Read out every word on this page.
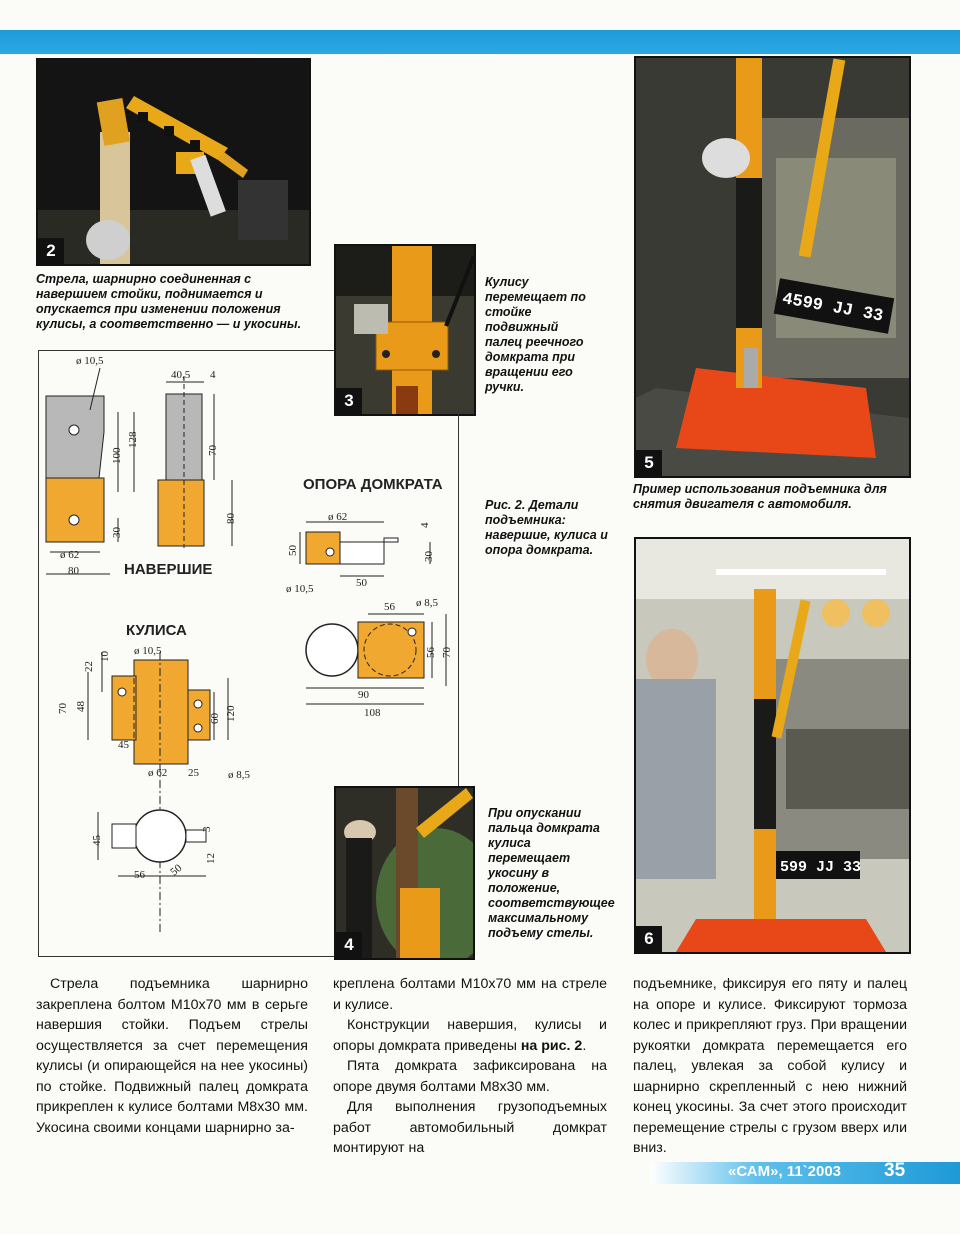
2
Стрела, шарнирно соединенная с навершием стойки, поднимается и опускается при изменении положения кулисы, а соответственно — и укосины.
3
Кулису перемещает по стойке подвижный палец реечного домкрата при вращении его ручки.
ø 10,5
100
128
30
ø 62
80
40,5 4
70
80
ø 10,5
22
10
70 48
45
ø 62 25	ø 8,5
60 120
45
3
12
56 50
ø 62
4
50
30
ø 10,5	50
56 ø 8,5
56 70
90
108
НАВЕРШИЕ
КУЛИСА
ОПОРА ДОМКРАТА
Рис. 2. Детали подъемника: навершие, кулиса и опора домкрата.
4
При опускании пальца домкрата кулиса перемещает укосину в положение, соответствующее максимальному подъему стелы.
4599 JJ 33
5
Пример использования подъемника для снятия двигателя с автомобиля.
599 JJ 33
6

Стрела подъемника шарнирно закреплена болтом М10х70 мм в серьге навершия стойки. Подъем стрелы осуществляется за счет перемещения кулисы (и опирающейся на нее укосины) по стойке. Подвижный палец домкрата прикреплен к кулисе болтами М8х30 мм. Укосина своими концами шарнирно за-

креплена болтами М10х70 мм на стреле и кулисе.

Конструкции навершия, кулисы и опоры домкрата приведены на рис. 2.

Пята домкрата зафиксирована на опоре двумя болтами М8х30 мм.

Для выполнения грузоподъемных работ автомобильный домкрат монтируют на

подъемнике, фиксируя его пяту и палец на опоре и кулисе. Фиксируют тормоза колес и прикрепляют груз. При вращении рукоятки домкрата перемещается его палец, увлекая за собой кулису и шарнирно скрепленный с нею нижний конец укосины. За счет этого происходит перемещение стрелы с грузом вверх или вниз.

«САМ», 11`2003 35
